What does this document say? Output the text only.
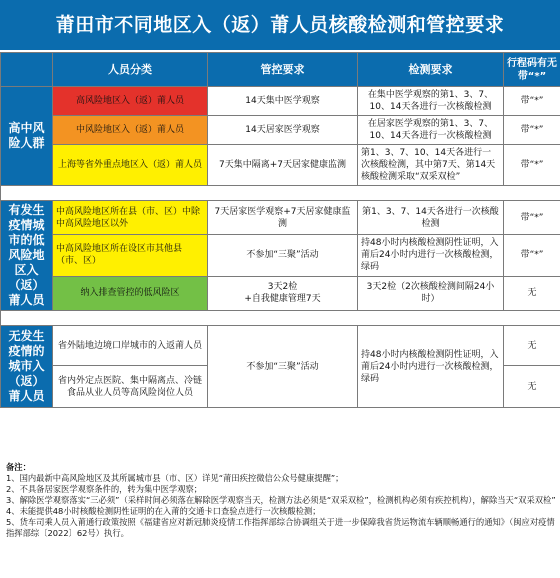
莆田市不同地区入（返）莆人员核酸检测和管控要求
	人员分类	管控要求	检测要求	行程码有无带“*”
高中风险人群	高风险地区入（返）莆人员	14天集中医学观察	在集中医学观察的第1、3、7、10、14天各进行一次核酸检测	带“*”
	中风险地区入（返）莆人员	14天居家医学观察	在居家医学观察的第1、3、7、10、14天各进行一次核酸检测	带“*”
	上海等省外重点地区入（返）莆人员	7天集中隔离+7天居家健康监测	第1、3、7、10、14天各进行一次核酸检测，其中第7天、第14天核酸检测采取“双采双检”	带“*”

有发生疫情城市的低风险地区入（返）莆人员	中高风险地区所在县（市、区）中除中高风险地区以外	7天居家医学观察+7天居家健康监测	第1、3、7、14天各进行一次核酸检测	带“*”
	中高风险地区所在设区市其他县（市、区）	不参加“三聚”活动	持48小时内核酸检测阴性证明，入莆后24小时内进行一次核酸检测，绿码	带“*”
	纳入排查管控的低风险区	3天2检
+自我健康管理7天	3天2检（2次核酸检测间隔24小时）	无

无发生疫情的城市入（返）莆人员	省外陆地边境口岸城市的入返莆人员	不参加“三聚”活动	持48小时内核酸检测阴性证明，入莆后24小时内进行一次核酸检测，绿码	无
	省内外定点医院、集中隔离点、冷链食品从业人员等高风险岗位人员			无
备注：
1、国内最新中高风险地区及其所属城市县（市、区）详见“莆田疾控微信公众号健康提醒”；
2、不具备居家医学观察条件的，转为集中医学观察；
3、解除医学观察落实“三必须”（采样时间必须落在解除医学观察当天，检测方法必须是“双采双检”，检测机构必须有疾控机构），解除当天“双采双检”
4、未能提供48小时核酸检测阴性证明的在入莆的交通卡口查验点进行一次核酸检测；
5、货车司乘人员入莆通行政策按照《福建省应对新冠肺炎疫情工作指挥部综合协调组关于进一步保障我省货运物流车辆顺畅通行的通知》（闽应对疫情指挥部综〔2022〕62号）执行。
